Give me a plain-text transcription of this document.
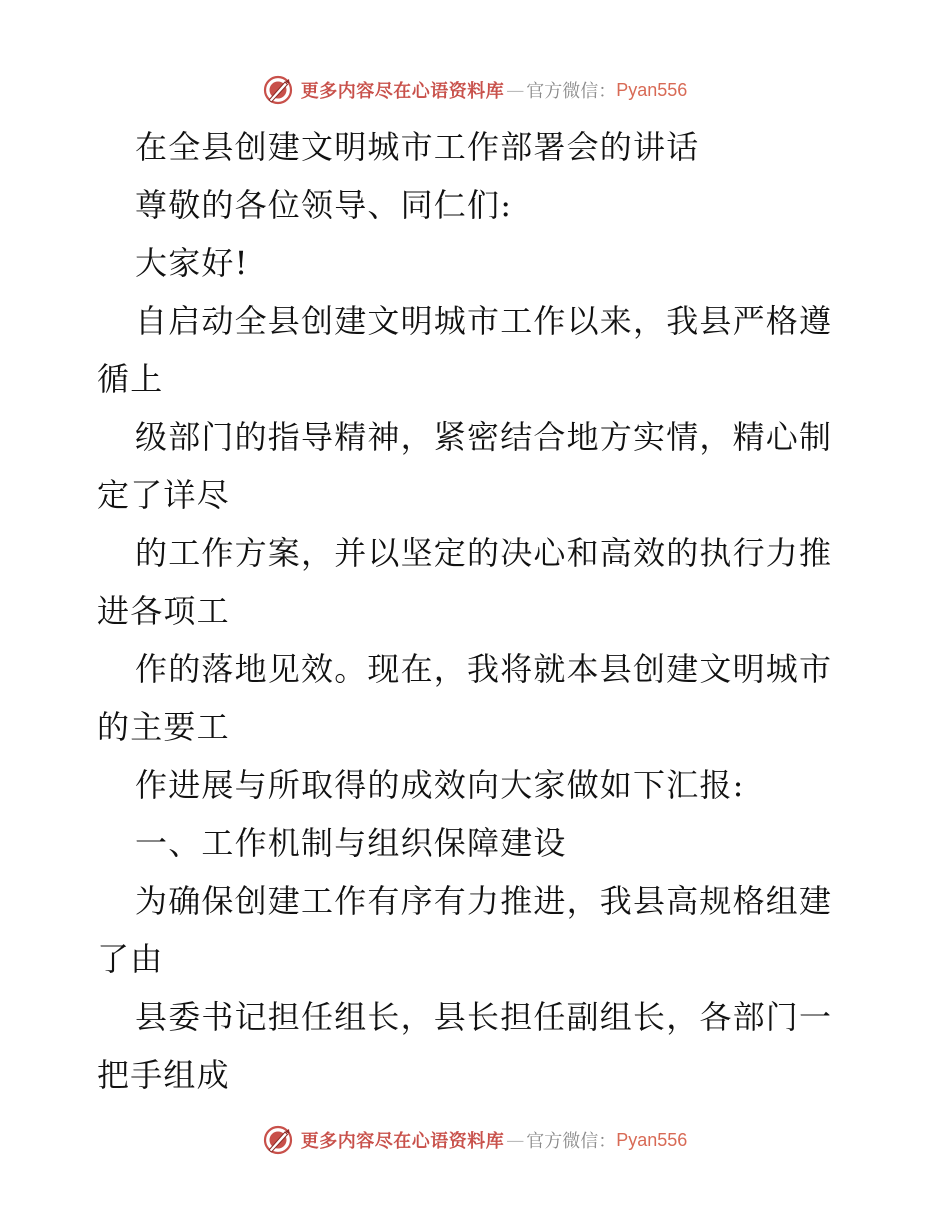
更多内容尽在心语资料库 — 官方微信： Pyan556
在全县创建文明城市工作部署会的讲话
尊敬的各位领导、同仁们:
大家好!
自启动全县创建文明城市工作以来，我县严格遵
循上
级部门的指导精神，紧密结合地方实情，精心制
定了详尽
的工作方案，并以坚定的决心和高效的执行力推
进各项工
作的落地见效。现在，我将就本县创建文明城市
的主要工
作进展与所取得的成效向大家做如下汇报:
一、工作机制与组织保障建设
为确保创建工作有序有力推进，我县高规格组建
了由
县委书记担任组长，县长担任副组长，各部门一
把手组成
更多内容尽在心语资料库 — 官方微信： Pyan556
